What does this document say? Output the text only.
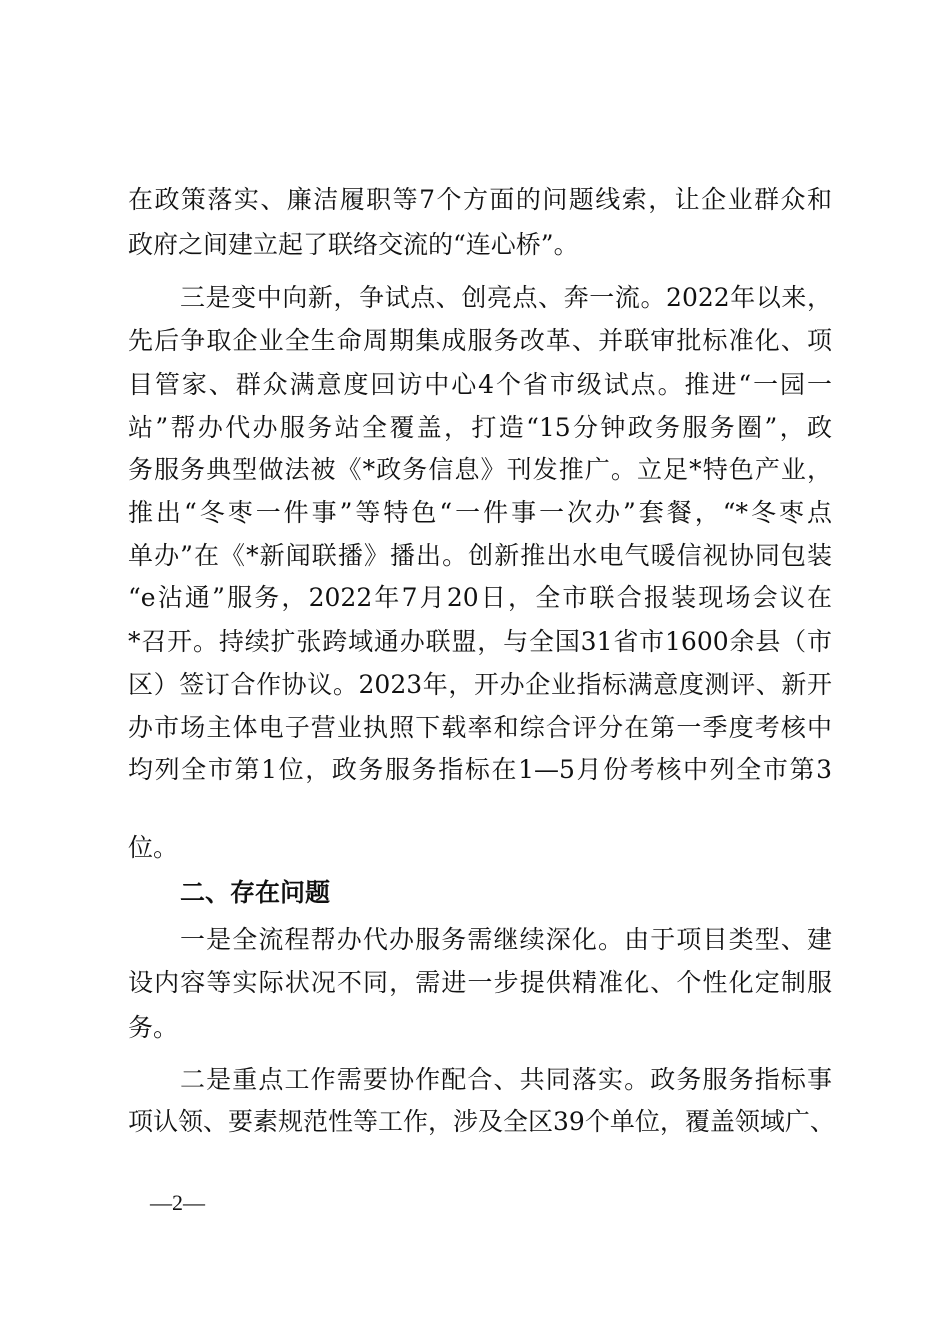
在政策落实、廉洁履职等7个方面的问题线索，让企业群众和
政府之间建立起了联络交流的“连心桥”。
三是变中向新，争试点、创亮点、奔一流。2022年以来，
先后争取企业全生命周期集成服务改革、并联审批标准化、项
目管家、群众满意度回访中心4个省市级试点。推进“一园一
站”帮办代办服务站全覆盖，打造“15分钟政务服务圈”，政
务服务典型做法被《*政务信息》刊发推广。立足*特色产业，
推出“冬枣一件事”等特色“一件事一次办”套餐，“*冬枣点
单办”在《*新闻联播》播出。创新推出水电气暖信视协同包装
“e沾通”服务，2022年7月20日，全市联合报装现场会议在
*召开。持续扩张跨域通办联盟，与全国31省市1600余县（市
区）签订合作协议。2023年，开办企业指标满意度测评、新开
办市场主体电子营业执照下载率和综合评分在第一季度考核中
均列全市第1位，政务服务指标在1—5月份考核中列全市第3
位。
二、存在问题
一是全流程帮办代办服务需继续深化。由于项目类型、建
设内容等实际状况不同，需进一步提供精准化、个性化定制服
务。
二是重点工作需要协作配合、共同落实。政务服务指标事
项认领、要素规范性等工作，涉及全区39个单位，覆盖领域广、
—2—
